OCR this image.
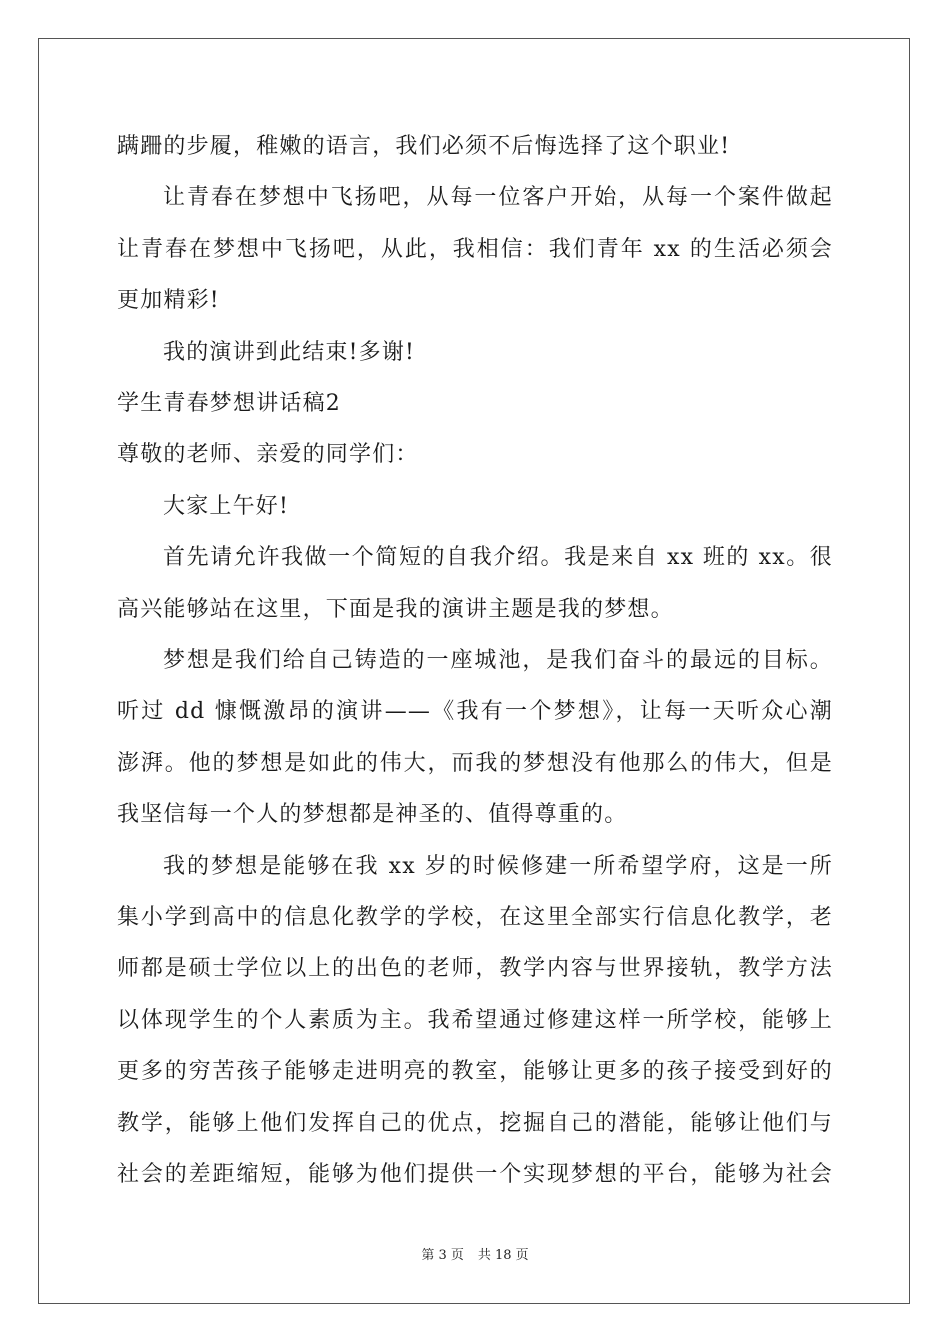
蹒跚的步履，稚嫩的语言，我们必须不后悔选择了这个职业!
让青春在梦想中飞扬吧，从每一位客户开始，从每一个案件做起
让青春在梦想中飞扬吧，从此，我相信：我们青年 xx 的生活必须会
更加精彩!
我的演讲到此结束!多谢!
学生青春梦想讲话稿2
尊敬的老师、亲爱的同学们：
大家上午好!
首先请允许我做一个简短的自我介绍。我是来自 xx 班的 xx。很
高兴能够站在这里，下面是我的演讲主题是我的梦想。
梦想是我们给自己铸造的一座城池，是我们奋斗的最远的目标。
听过 dd 慷慨激昂的演讲——《我有一个梦想》，让每一天听众心潮
澎湃。他的梦想是如此的伟大，而我的梦想没有他那么的伟大，但是
我坚信每一个人的梦想都是神圣的、值得尊重的。
我的梦想是能够在我 xx 岁的时候修建一所希望学府，这是一所
集小学到高中的信息化教学的学校，在这里全部实行信息化教学，老
师都是硕士学位以上的出色的老师，教学内容与世界接轨，教学方法
以体现学生的个人素质为主。我希望通过修建这样一所学校，能够上
更多的穷苦孩子能够走进明亮的教室，能够让更多的孩子接受到好的
教学，能够上他们发挥自己的优点，挖掘自己的潜能，能够让他们与
社会的差距缩短，能够为他们提供一个实现梦想的平台，能够为社会
第 3 页 共 18 页
